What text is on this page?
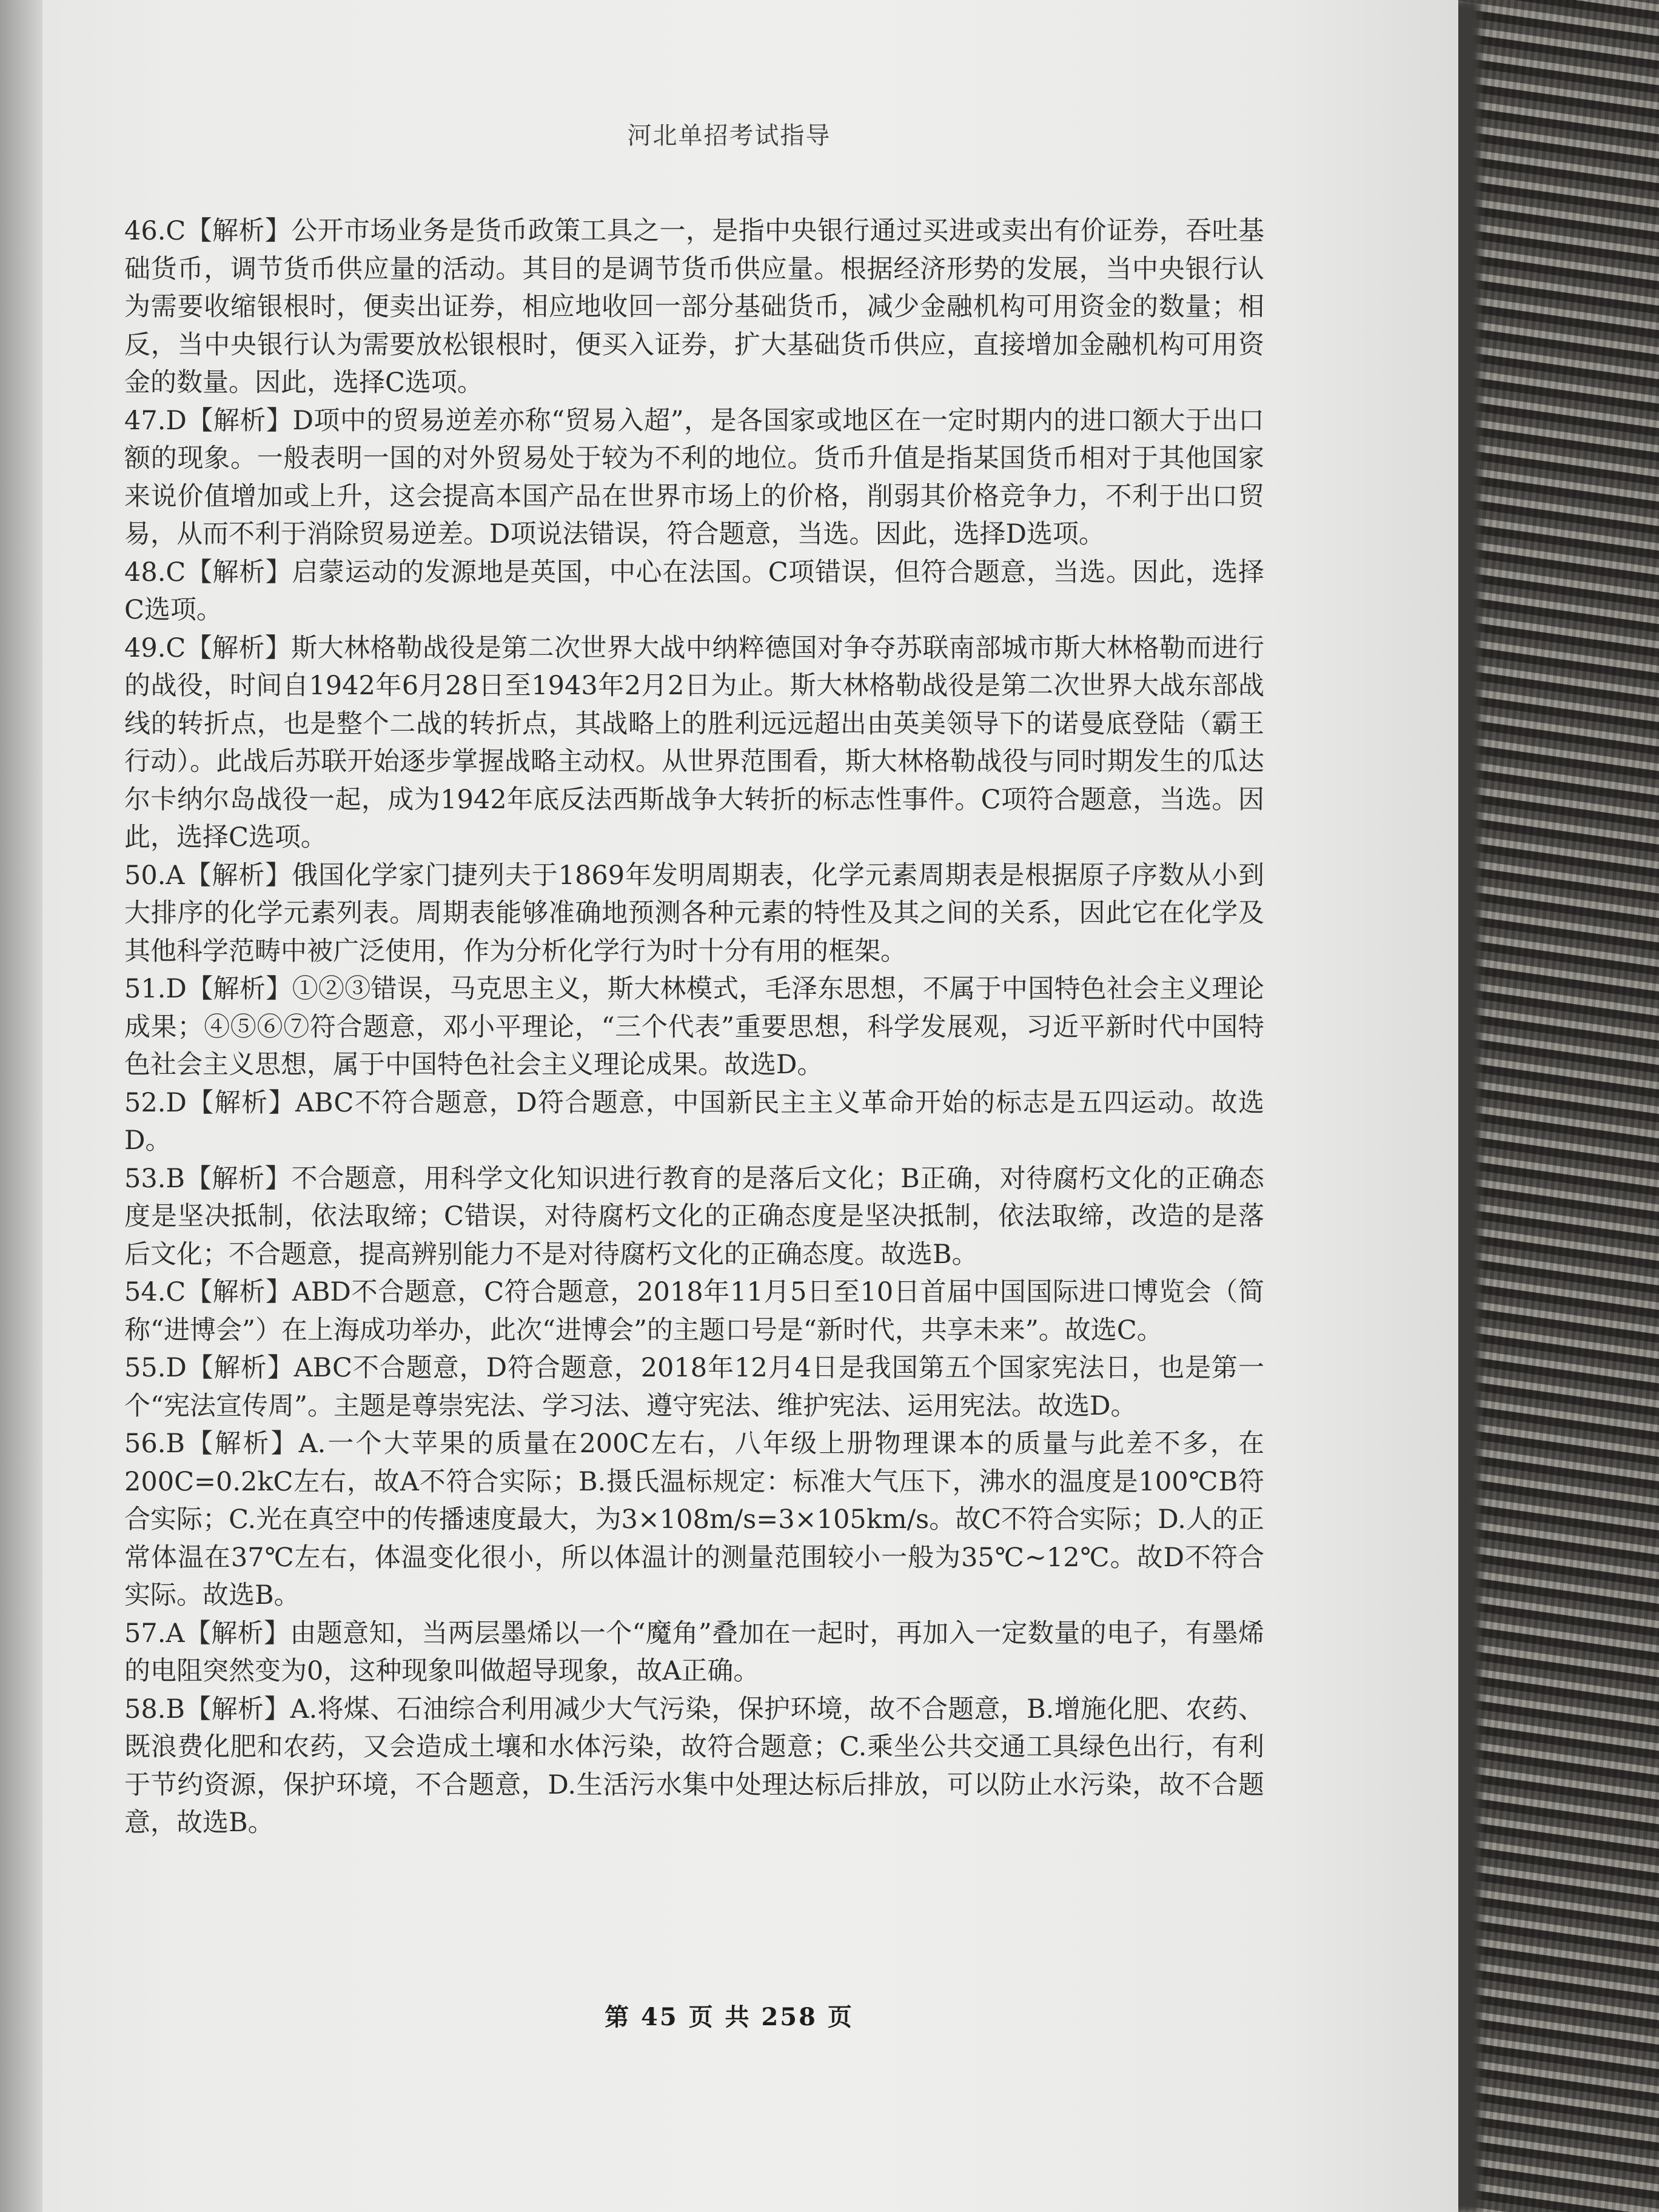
河北单招考试指导

46.C【解析】公开市场业务是货币政策工具之一，是指中央银行通过买进或卖出有价证券，吞吐基础货币，调节货币供应量的活动。其目的是调节货币供应量。根据经济形势的发展，当中央银行认为需要收缩银根时，便卖出证券，相应地收回一部分基础货币，减少金融机构可用资金的数量；相反，当中央银行认为需要放松银根时，便买入证券，扩大基础货币供应，直接增加金融机构可用资金的数量。因此，选择C选项。

47.D【解析】D项中的贸易逆差亦称“贸易入超”，是各国家或地区在一定时期内的进口额大于出口额的现象。一般表明一国的对外贸易处于较为不利的地位。货币升值是指某国货币相对于其他国家来说价值增加或上升，这会提高本国产品在世界市场上的价格，削弱其价格竞争力，不利于出口贸易，从而不利于消除贸易逆差。D项说法错误，符合题意，当选。因此，选择D选项。

48.C【解析】启蒙运动的发源地是英国，中心在法国。C项错误，但符合题意，当选。因此，选择C选项。

49.C【解析】斯大林格勒战役是第二次世界大战中纳粹德国对争夺苏联南部城市斯大林格勒而进行的战役，时间自1942年6月28日至1943年2月2日为止。斯大林格勒战役是第二次世界大战东部战线的转折点，也是整个二战的转折点，其战略上的胜利远远超出由英美领导下的诺曼底登陆（霸王行动）。此战后苏联开始逐步掌握战略主动权。从世界范围看，斯大林格勒战役与同时期发生的瓜达尔卡纳尔岛战役一起，成为1942年底反法西斯战争大转折的标志性事件。C项符合题意，当选。因此，选择C选项。

50.A【解析】俄国化学家门捷列夫于1869年发明周期表，化学元素周期表是根据原子序数从小到大排序的化学元素列表。周期表能够准确地预测各种元素的特性及其之间的关系，因此它在化学及其他科学范畴中被广泛使用，作为分析化学行为时十分有用的框架。

51.D【解析】①②③错误，马克思主义，斯大林模式，毛泽东思想，不属于中国特色社会主义理论成果；④⑤⑥⑦符合题意，邓小平理论，“三个代表”重要思想，科学发展观，习近平新时代中国特色社会主义思想，属于中国特色社会主义理论成果。故选D。

52.D【解析】ABC不符合题意，D符合题意，中国新民主主义革命开始的标志是五四运动。故选D。

53.B【解析】不合题意，用科学文化知识进行教育的是落后文化；B正确，对待腐朽文化的正确态度是坚决抵制，依法取缔；C错误，对待腐朽文化的正确态度是坚决抵制，依法取缔，改造的是落后文化；不合题意，提高辨别能力不是对待腐朽文化的正确态度。故选B。

54.C【解析】ABD不合题意，C符合题意，2018年11月5日至10日首届中国国际进口博览会（简称“进博会”）在上海成功举办，此次“进博会”的主题口号是“新时代，共享未来”。故选C。

55.D【解析】ABC不合题意，D符合题意，2018年12月4日是我国第五个国家宪法日，也是第一个“宪法宣传周”。主题是尊崇宪法、学习法、遵守宪法、维护宪法、运用宪法。故选D。

56.B【解析】A.一个大苹果的质量在200C左右，八年级上册物理课本的质量与此差不多，在200C=0.2kC左右，故A不符合实际；B.摄氏温标规定：标准大气压下，沸水的温度是100℃B符合实际；C.光在真空中的传播速度最大，为3×108m/s=3×105km/s。故C不符合实际；D.人的正常体温在37℃左右，体温变化很小，所以体温计的测量范围较小一般为35℃~12℃。故D不符合实际。故选B。

57.A【解析】由题意知，当两层墨烯以一个“魔角”叠加在一起时，再加入一定数量的电子，有墨烯的电阻突然变为0，这种现象叫做超导现象，故A正确。

58.B【解析】A.将煤、石油综合利用减少大气污染，保护环境，故不合题意，B.增施化肥、农药、既浪费化肥和农药，又会造成土壤和水体污染，故符合题意；C.乘坐公共交通工具绿色出行，有利于节约资源，保护环境，不合题意，D.生活污水集中处理达标后排放，可以防止水污染，故不合题意，故选B。

第 45 页 共 258 页
